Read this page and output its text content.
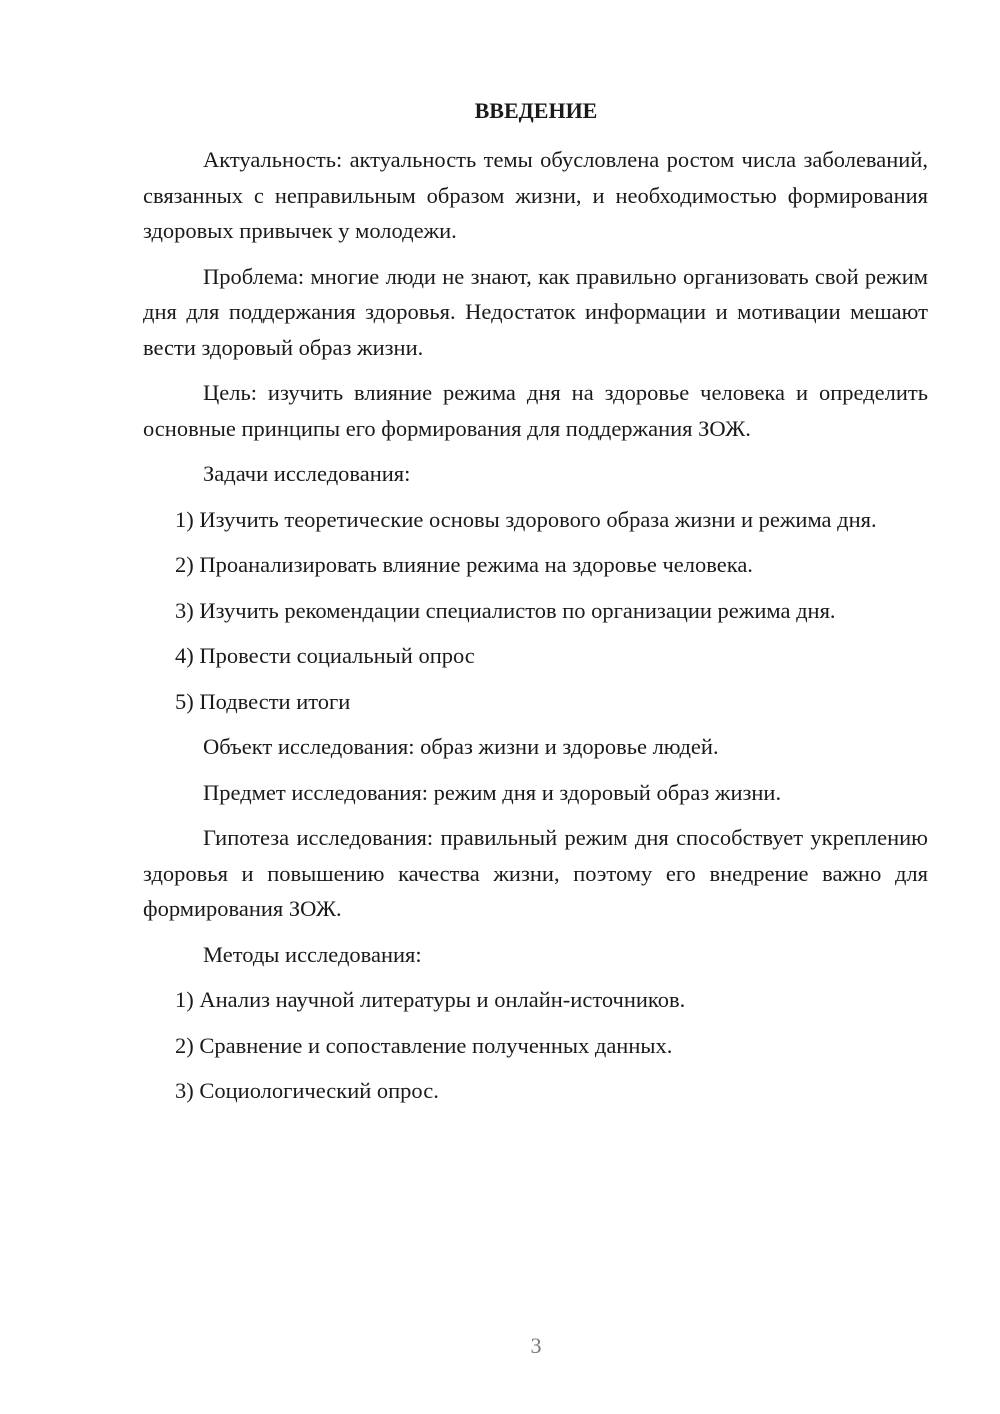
ВВЕДЕНИЕ

Актуальность: актуальность темы обусловлена ростом числа заболеваний, связанных с неправильным образом жизни, и необходимостью формирования здоровых привычек у молодежи.

Проблема: многие люди не знают, как правильно организовать свой режим дня для поддержания здоровья. Недостаток информации и мотивации мешают вести здоровый образ жизни.

Цель: изучить влияние режима дня на здоровье человека и определить основные принципы его формирования для поддержания ЗОЖ.

Задачи исследования:

1) Изучить теоретические основы здорового образа жизни и режима дня.

2) Проанализировать влияние режима на здоровье человека.

3) Изучить рекомендации специалистов по организации режима дня.

4) Провести социальный опрос

5) Подвести итоги

Объект исследования: образ жизни и здоровье людей.

Предмет исследования: режим дня и здоровый образ жизни.

Гипотеза исследования: правильный режим дня способствует укреплению здоровья и повышению качества жизни, поэтому его внедрение важно для формирования ЗОЖ.

Методы исследования:

1) Анализ научной литературы и онлайн-источников.

2) Сравнение и сопоставление полученных данных.

3) Социологический опрос.

3
